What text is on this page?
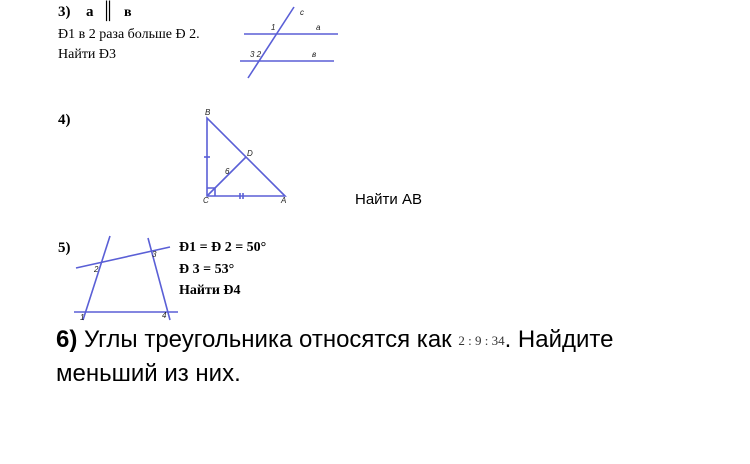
3) a ║ в
Ð1 в 2 раза больше Ð 2.
Найти Ð3
4)
Найти АВ
5)	Ð1 = Ð 2 = 50°
Ð 3 = 53°
Найти Ð4
6) Углы треугольника относятся как 2 : 9 : 34. Найдите
меньший из них.
c
1	a
3 2	в
B
D
6
C	A
2
3
1	4
